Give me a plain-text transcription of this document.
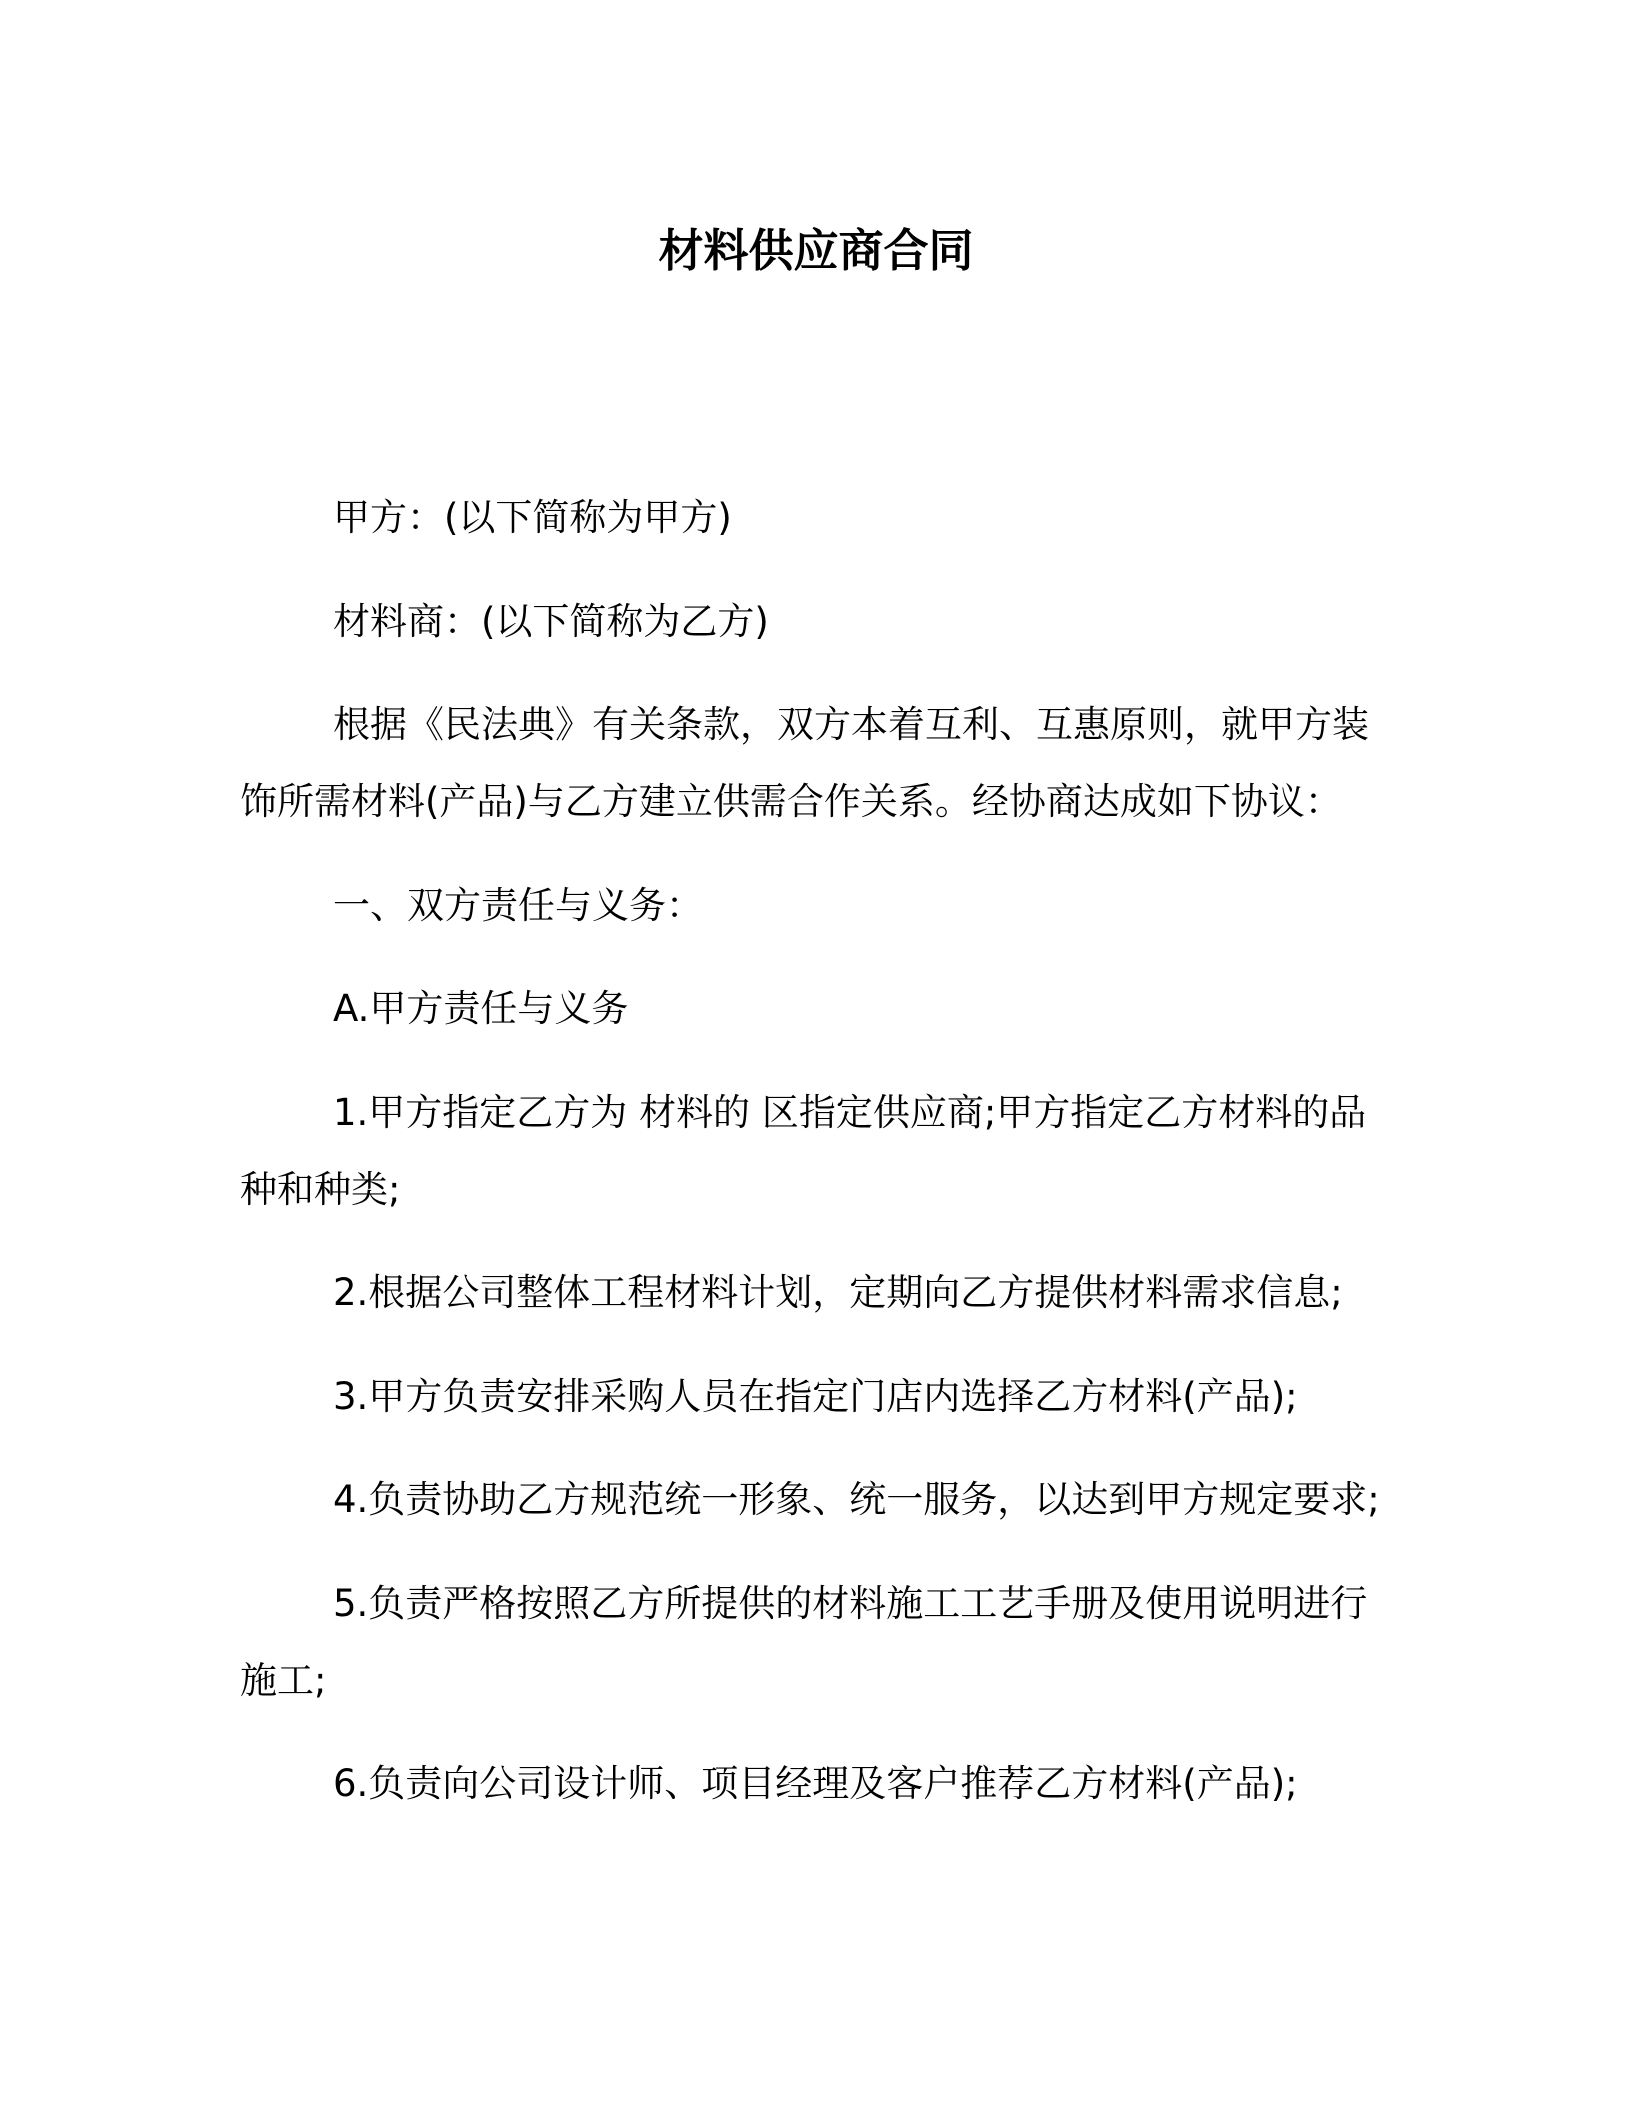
材料供应商合同
甲方：(以下简称为甲方)
材料商：(以下简称为乙方)
根据《民法典》有关条款，双方本着互利、互惠原则，就甲方装
饰所需材料(产品)与乙方建立供需合作关系。经协商达成如下协议：
一、双方责任与义务：
A.甲方责任与义务
1.甲方指定乙方为 材料的 区指定供应商;甲方指定乙方材料的品
种和种类;
2.根据公司整体工程材料计划，定期向乙方提供材料需求信息;
3.甲方负责安排采购人员在指定门店内选择乙方材料(产品);
4.负责协助乙方规范统一形象、统一服务，以达到甲方规定要求;
5.负责严格按照乙方所提供的材料施工工艺手册及使用说明进行
施工;
6.负责向公司设计师、项目经理及客户推荐乙方材料(产品);
